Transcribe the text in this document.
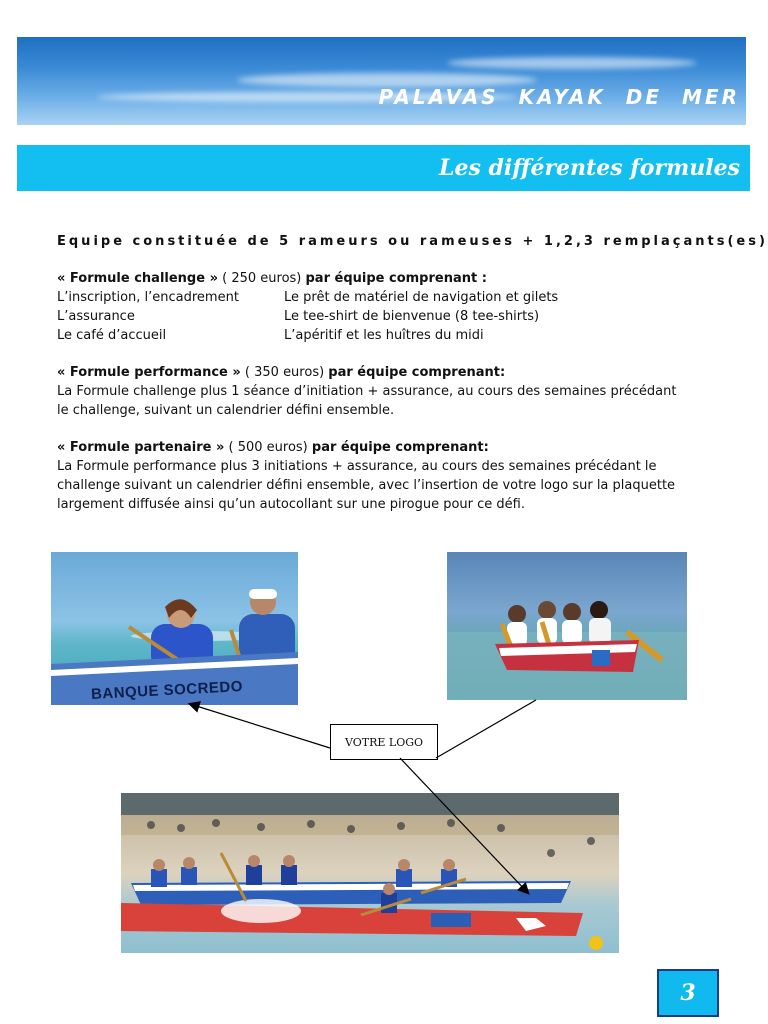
PALAVAS KAYAK DE MER
Les différentes formules
Equipe constituée de 5 rameurs ou rameuses + 1,2,3 remplaçants(es)
« Formule challenge » ( 250 euros) par équipe comprenant :
L’inscription, l’encadrement	Le prêt de matériel de navigation et gilets
L’assurance	Le tee-shirt de bienvenue (8 tee-shirts)
Le café d’accueil	L’apéritif et les huîtres du midi
« Formule performance » ( 350 euros) par équipe comprenant:
La Formule challenge plus 1 séance d’initiation + assurance, au cours des semaines précédant
le challenge, suivant un calendrier défini ensemble.
« Formule partenaire » ( 500 euros) par équipe comprenant:
La Formule performance plus 3 initiations + assurance, au cours des semaines précédant le
challenge suivant un calendrier défini ensemble, avec l’insertion de votre logo sur la plaquette
largement diffusée ainsi qu’un autocollant sur une pirogue pour ce défi.
BANQUE SOCREDO
VOTRE LOGO
3
